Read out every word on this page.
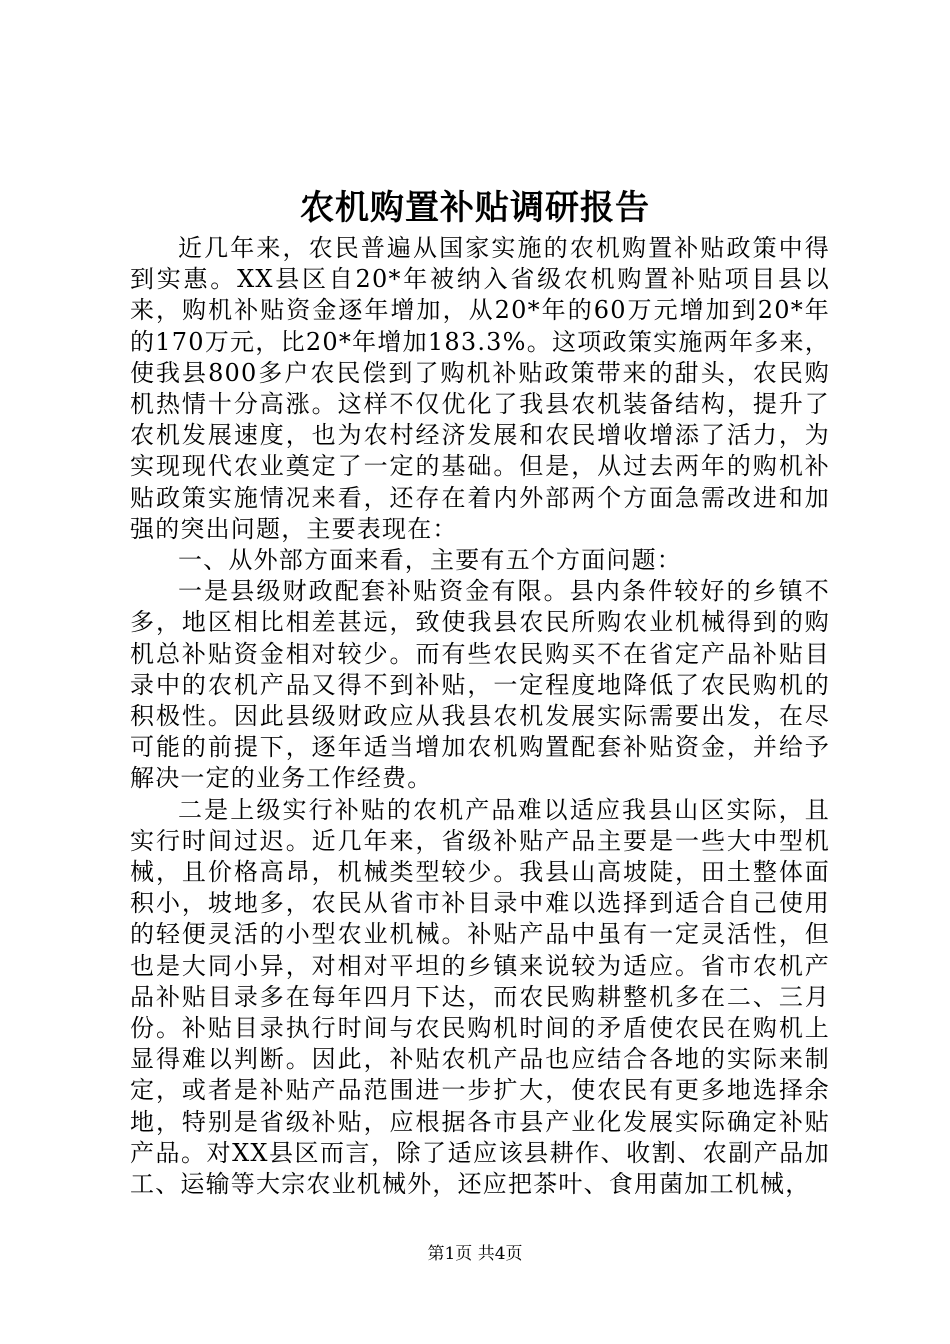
农机购置补贴调研报告

近几年来，农民普遍从国家实施的农机购置补贴政策中得到实惠。XX县区自20*年被纳入省级农机购置补贴项目县以来，购机补贴资金逐年增加，从20*年的60万元增加到20*年的170万元，比20*年增加183.3%。这项政策实施两年多来，使我县800多户农民偿到了购机补贴政策带来的甜头，农民购机热情十分高涨。这样不仅优化了我县农机装备结构，提升了农机发展速度，也为农村经济发展和农民增收增添了活力，为实现现代农业奠定了一定的基础。但是，从过去两年的购机补贴政策实施情况来看，还存在着内外部两个方面急需改进和加强的突出问题，主要表现在：

一、从外部方面来看，主要有五个方面问题：

一是县级财政配套补贴资金有限。县内条件较好的乡镇不多，地区相比相差甚远，致使我县农民所购农业机械得到的购机总补贴资金相对较少。而有些农民购买不在省定产品补贴目录中的农机产品又得不到补贴，一定程度地降低了农民购机的积极性。因此县级财政应从我县农机发展实际需要出发，在尽可能的前提下，逐年适当增加农机购置配套补贴资金，并给予解决一定的业务工作经费。

二是上级实行补贴的农机产品难以适应我县山区实际，且实行时间过迟。近几年来，省级补贴产品主要是一些大中型机械，且价格高昂，机械类型较少。我县山高坡陡，田土整体面积小，坡地多，农民从省市补目录中难以选择到适合自己使用的轻便灵活的小型农业机械。补贴产品中虽有一定灵活性，但也是大同小异，对相对平坦的乡镇来说较为适应。省市农机产品补贴目录多在每年四月下达，而农民购耕整机多在二、三月份。补贴目录执行时间与农民购机时间的矛盾使农民在购机上显得难以判断。因此，补贴农机产品也应结合各地的实际来制定，或者是补贴产品范围进一步扩大，使农民有更多地选择余地，特别是省级补贴，应根据各市县产业化发展实际确定补贴产品。对XX县区而言，除了适应该县耕作、收割、农副产品加工、运输等大宗农业机械外，还应把茶叶、食用菌加工机械，

第1页 共4页
